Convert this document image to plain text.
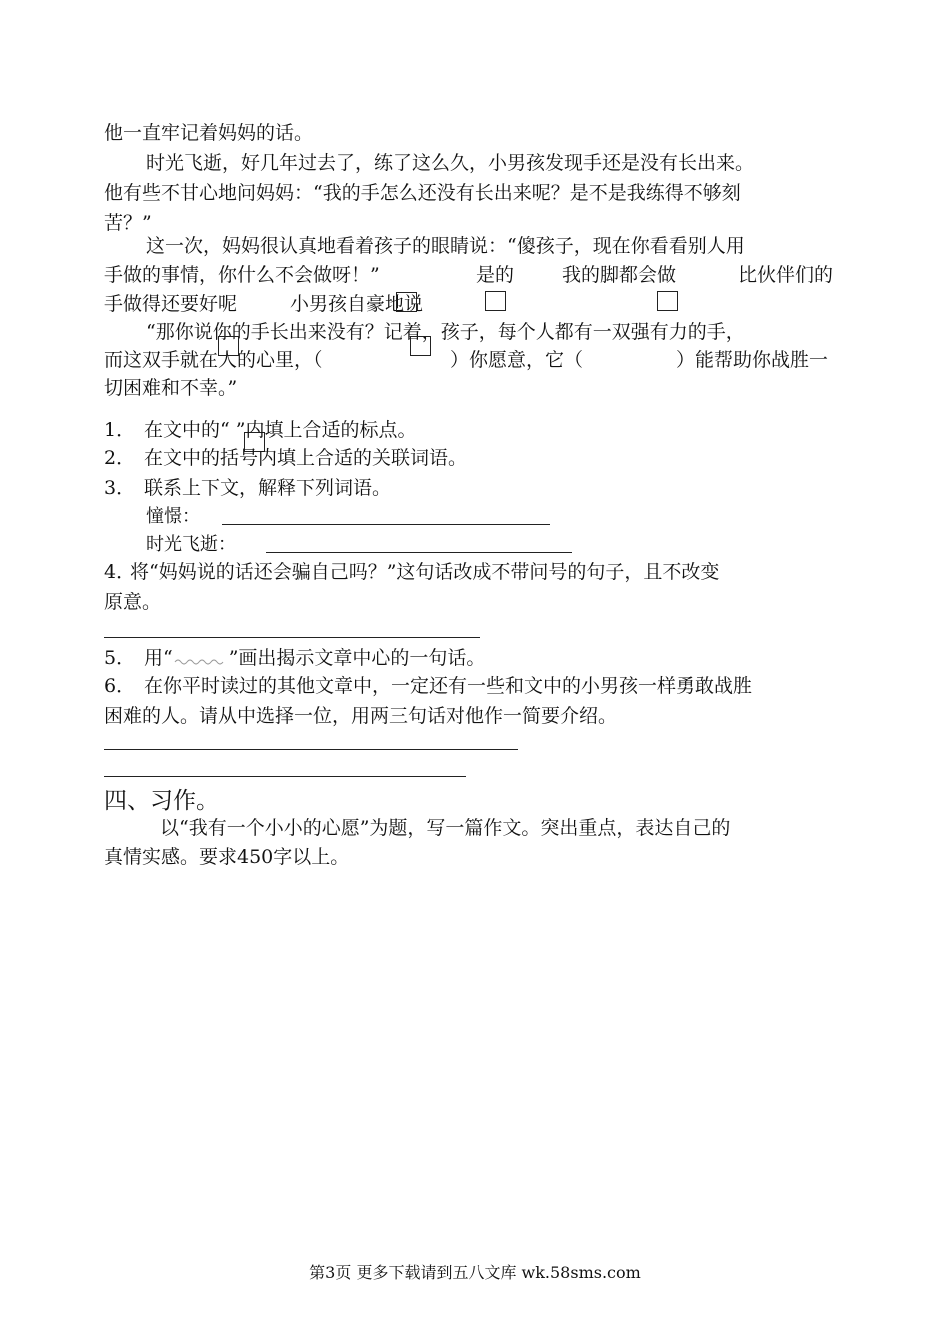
他一直牢记着妈妈的话。
时光飞逝，好几年过去了，练了这么久，小男孩发现手还是没有长出来。
他有些不甘心地问妈妈：“我的手怎么还没有长出来呢？是不是我练得不够刻
苦？”
这一次，妈妈很认真地看着孩子的眼睛说：“傻孩子，现在你看看别人用
手做的事情，你什么不会做呀！”	是的	我的脚都会做	比伙伴们的
手做得还要好呢	小男孩自豪地说
“那你说你的手长出来没有？记着，孩子，每个人都有一双强有力的手，
而这双手就在人的心里，（	）你愿意，它（	）能帮助你战胜一
切困难和不幸。”
1． 在文中的“ ”内填上合适的标点。
2． 在文中的括号内填上合适的关联词语。
3． 联系上下文，解释下列词语。
憧憬：
时光飞逝：
4．将“妈妈说的话还会骗自己吗？”这句话改成不带问号的句子，且不改变
原意。
5． 用“	”画出揭示文章中心的一句话。
6． 在你平时读过的其他文章中，一定还有一些和文中的小男孩一样勇敢战胜
困难的人。请从中选择一位，用两三句话对他作一简要介绍。
四、习作。
以“我有一个小小的心愿”为题，写一篇作文。突出重点，表达自己的
真情实感。要求450字以上。
第3页 更多下载请到五八文库 wk.58sms.com
